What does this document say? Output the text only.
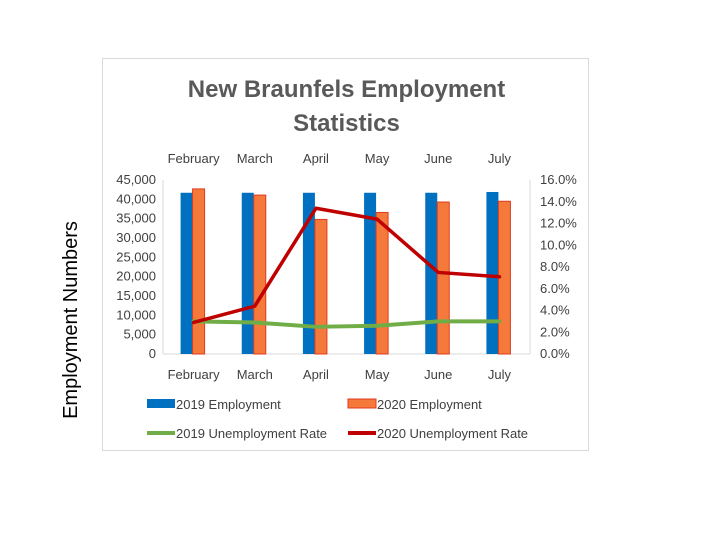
Employment Numbers
New Braunfels Employment
Statistics
45,000
40,000
35,000
30,000
25,000
20,000
15,000
10,000
5,000
0
16.0%
14.0%
12.0%
10.0%
8.0%
6.0%
4.0%
2.0%
0.0%
February
February
March
March
April
April
May
May
June
June
July
July
2019 Employment	2020 Employment
2019 Unemployment Rate	2020 Unemployment Rate
